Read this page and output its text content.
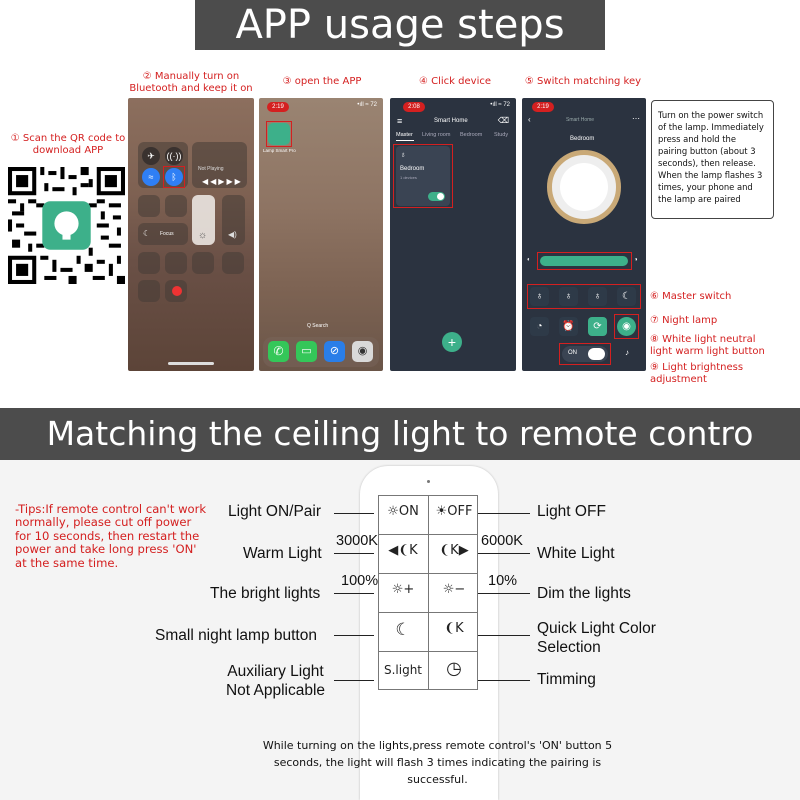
APP usage steps
① Scan the QR code to download APP
② Manually turn on Bluetooth and keep it on
③ open the APP	④ Click device	⑤ Switch matching key
✈	((·))
≈	ᛒ
Not Playing
◀◀▶▶▶
☼	◀)
☾ Focus
2:19	•ıll ≈ 72
Lamp Smart Pro
Q Search
✆	▭	⊘	◉
2:08	•ıll ≈ 72
≡	Smart Home	⌫
Master Living room Bedroom Study
♁
Bedroom
1 devices
+
2:19
‹	Smart Home	⋯
Bedroom
◐	◑
♁	♁	♁	☾
◔	⏰	⟳	◉
ON	♪
Turn on the power switch of the lamp. Immediately press and hold the pairing button (about 3 seconds), then release. When the lamp flashes 3 times, your phone and the lamp are paired
⑥ Master switch
⑦ Night lamp
⑧ White light neutral light warm light button
⑨ Light brightness adjustment
Matching the ceiling light to remote contro
-Tips:If remote control can't work normally, please cut off power for 10 seconds, then restart the power and take long press 'ON' at the same time.
☼ON	☀OFF
◀❨K	❨K▶
☼+	☼−
☾	❨K
S.light	◷
Light ON/Pair
Warm Light
The bright lights
Small night lamp button
Auxiliary Light Not Applicable
3000K
100%
6000K
10%
Light OFF
White Light
Dim the lights
Quick Light Color Selection
Timming
While turning on the lights,press remote control's 'ON' button 5 seconds, the light will flash 3 times indicating the pairing is successful.
